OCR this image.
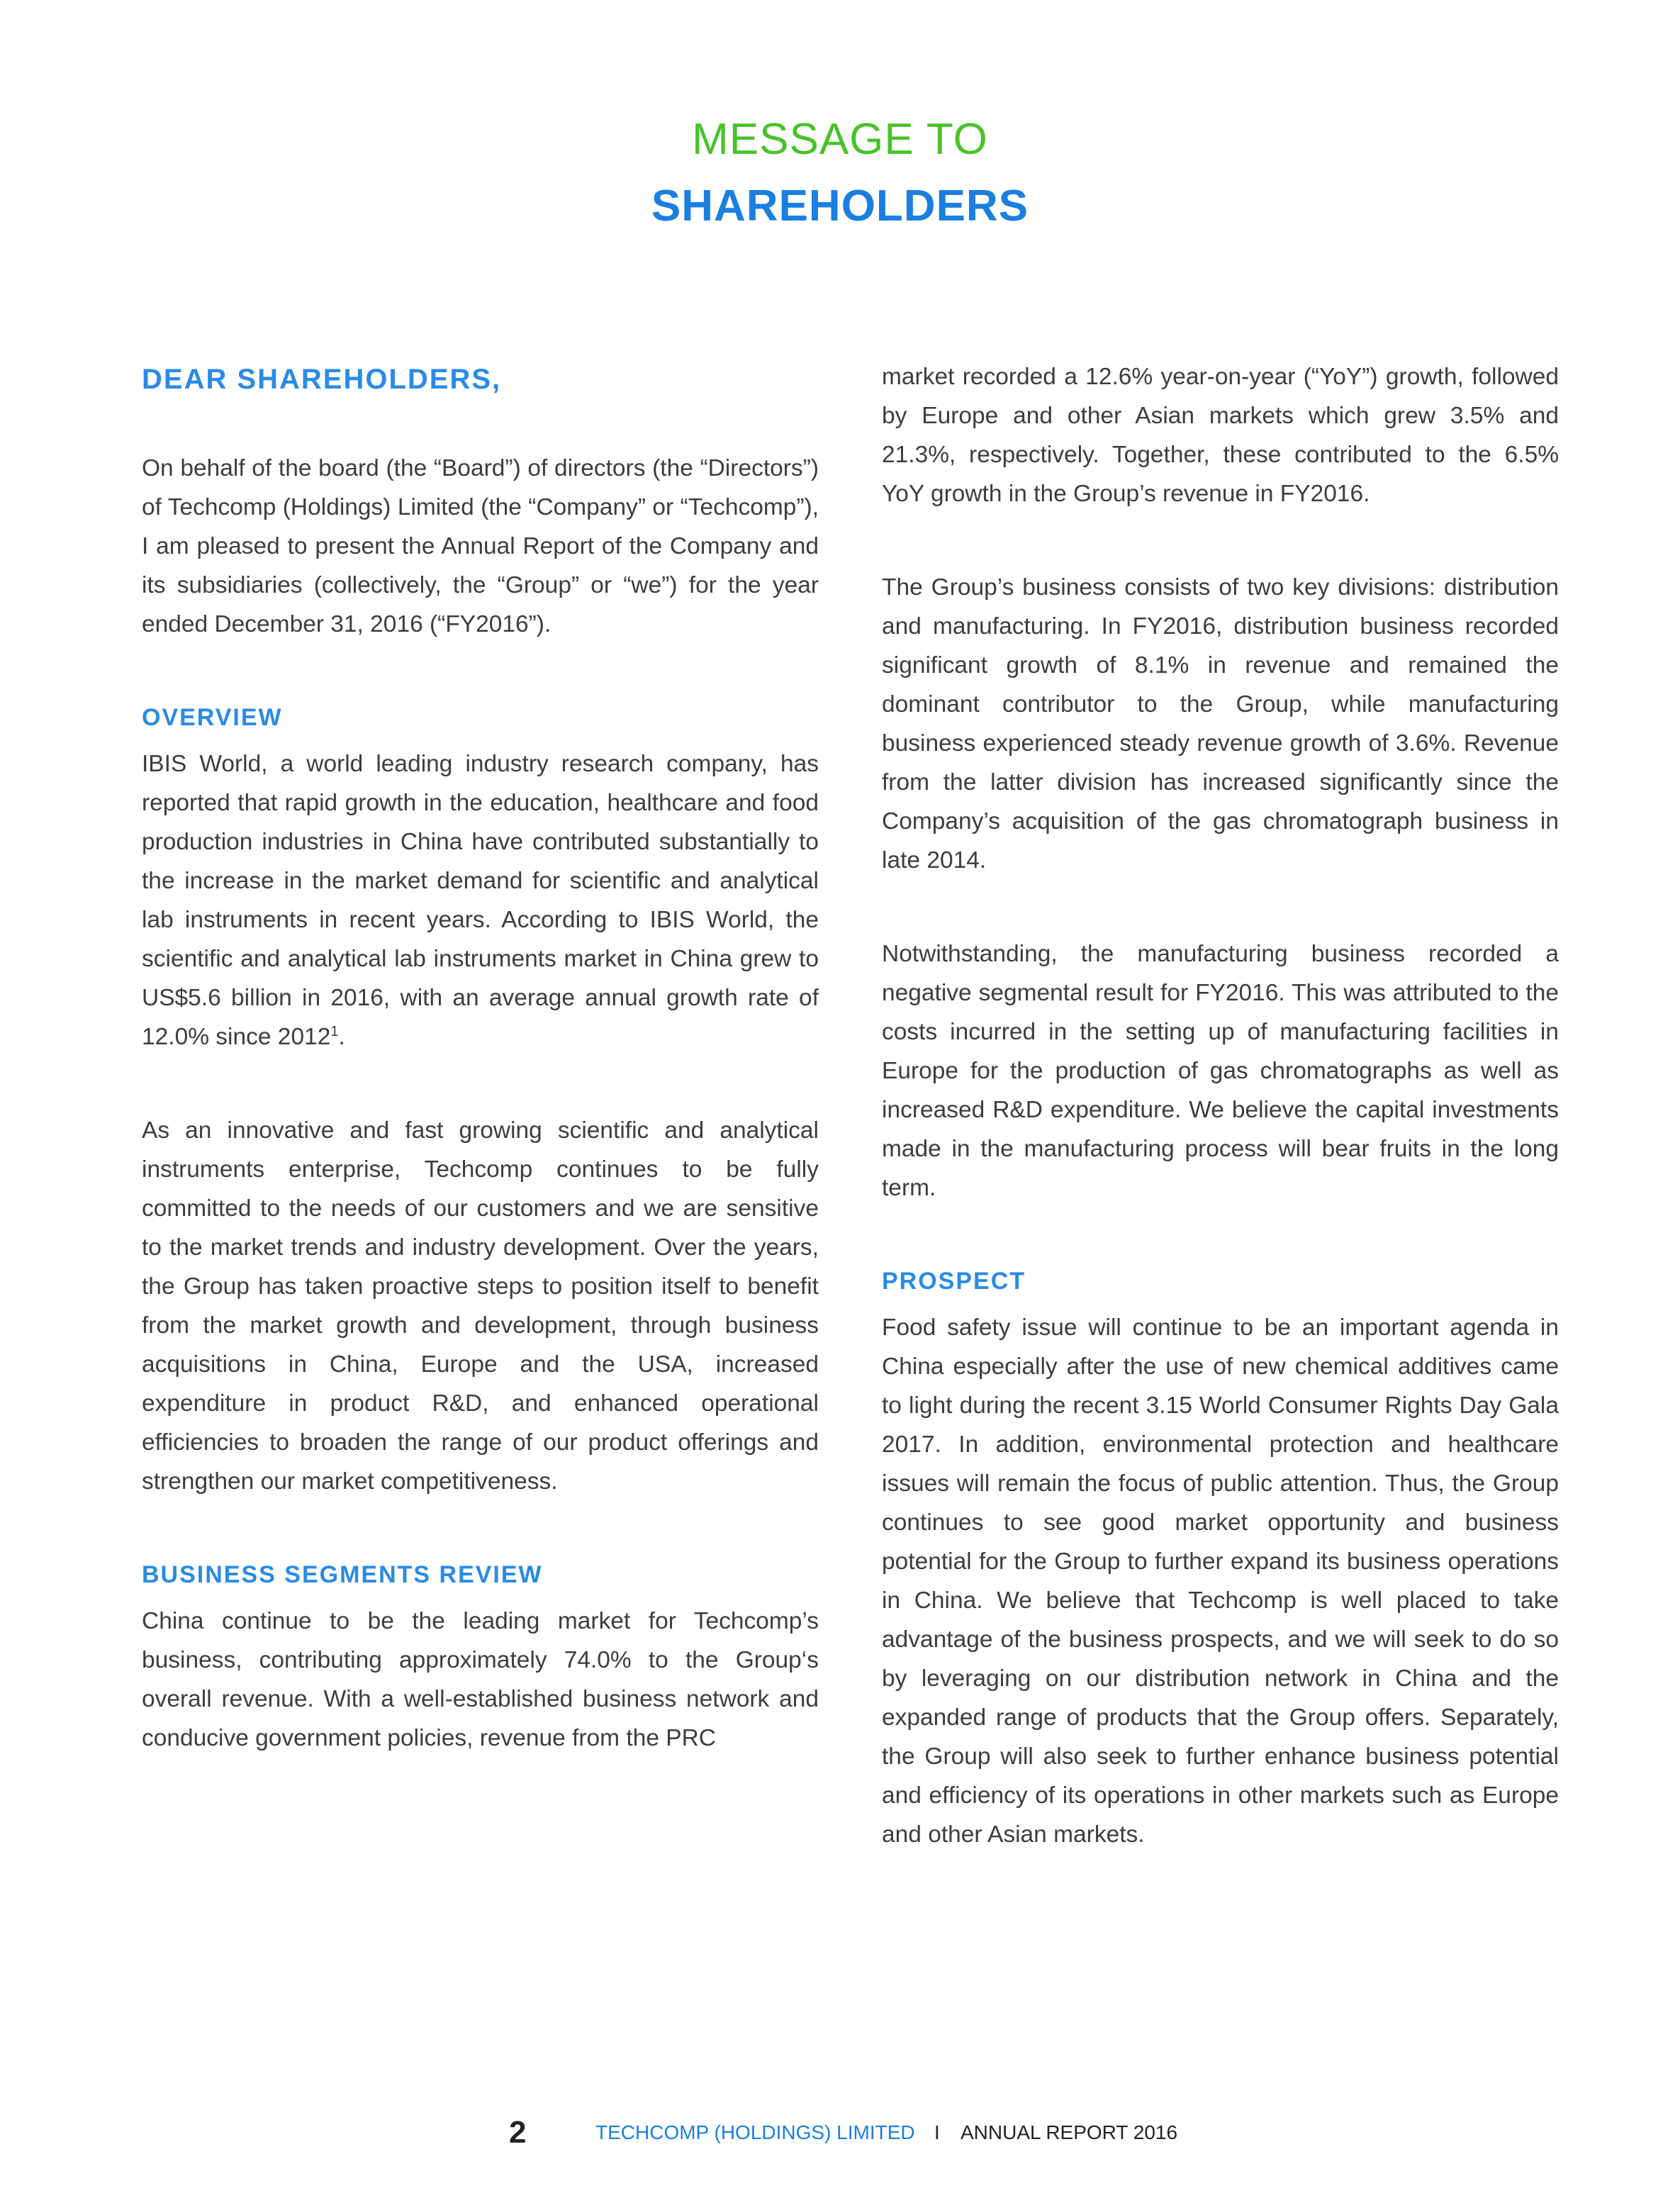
MESSAGE TO
SHAREHOLDERS
DEAR SHAREHOLDERS,

On behalf of the board (the “Board”) of directors (the “Directors”) of Techcomp (Holdings) Limited (the “Company” or “Techcomp”), I am pleased to present the Annual Report of the Company and its subsidiaries (collectively, the “Group” or “we”) for the year ended December 31, 2016 (“FY2016”).

OVERVIEW

IBIS World, a world leading industry research company, has reported that rapid growth in the education, healthcare and food production industries in China have contributed substantially to the increase in the market demand for scientific and analytical lab instruments in recent years. According to IBIS World, the scientific and analytical lab instruments market in China grew to US$5.6 billion in 2016, with an average annual growth rate of 12.0% since 2012$^1$.

As an innovative and fast growing scientific and analytical instruments enterprise, Techcomp continues to be fully committed to the needs of our customers and we are sensitive to the market trends and industry development. Over the years, the Group has taken proactive steps to position itself to benefit from the market growth and development, through business acquisitions in China, Europe and the USA, increased expenditure in product R&D, and enhanced operational efficiencies to broaden the range of our product offerings and strengthen our market competitiveness.

BUSINESS SEGMENTS REVIEW

China continue to be the leading market for Techcomp’s business, contributing approximately 74.0% to the Group‘s overall revenue. With a well-established business network and conducive government policies, revenue from the PRC

market recorded a 12.6% year-on-year (“YoY”) growth, followed by Europe and other Asian markets which grew 3.5% and 21.3%, respectively. Together, these contributed to the 6.5% YoY growth in the Group’s revenue in FY2016.

The Group’s business consists of two key divisions: distribution and manufacturing. In FY2016, distribution business recorded significant growth of 8.1% in revenue and remained the dominant contributor to the Group, while manufacturing business experienced steady revenue growth of 3.6%. Revenue from the latter division has increased significantly since the Company’s acquisition of the gas chromatograph business in late 2014.

Notwithstanding, the manufacturing business recorded a negative segmental result for FY2016. This was attributed to the costs incurred in the setting up of manufacturing facilities in Europe for the production of gas chromatographs as well as increased R&D expenditure. We believe the capital investments made in the manufacturing process will bear fruits in the long term.

PROSPECT

Food safety issue will continue to be an important agenda in China especially after the use of new chemical additives came to light during the recent 3.15 World Consumer Rights Day Gala 2017. In addition, environmental protection and healthcare issues will remain the focus of public attention. Thus, the Group continues to see good market opportunity and business potential for the Group to further expand its business operations in China. We believe that Techcomp is well placed to take advantage of the business prospects, and we will seek to do so by leveraging on our distribution network in China and the expanded range of products that the Group offers. Separately, the Group will also seek to further enhance business potential and efficiency of its operations in other markets such as Europe and other Asian markets.

2	TECHCOMP (HOLDINGS) LIMITED I ANNUAL REPORT 2016
